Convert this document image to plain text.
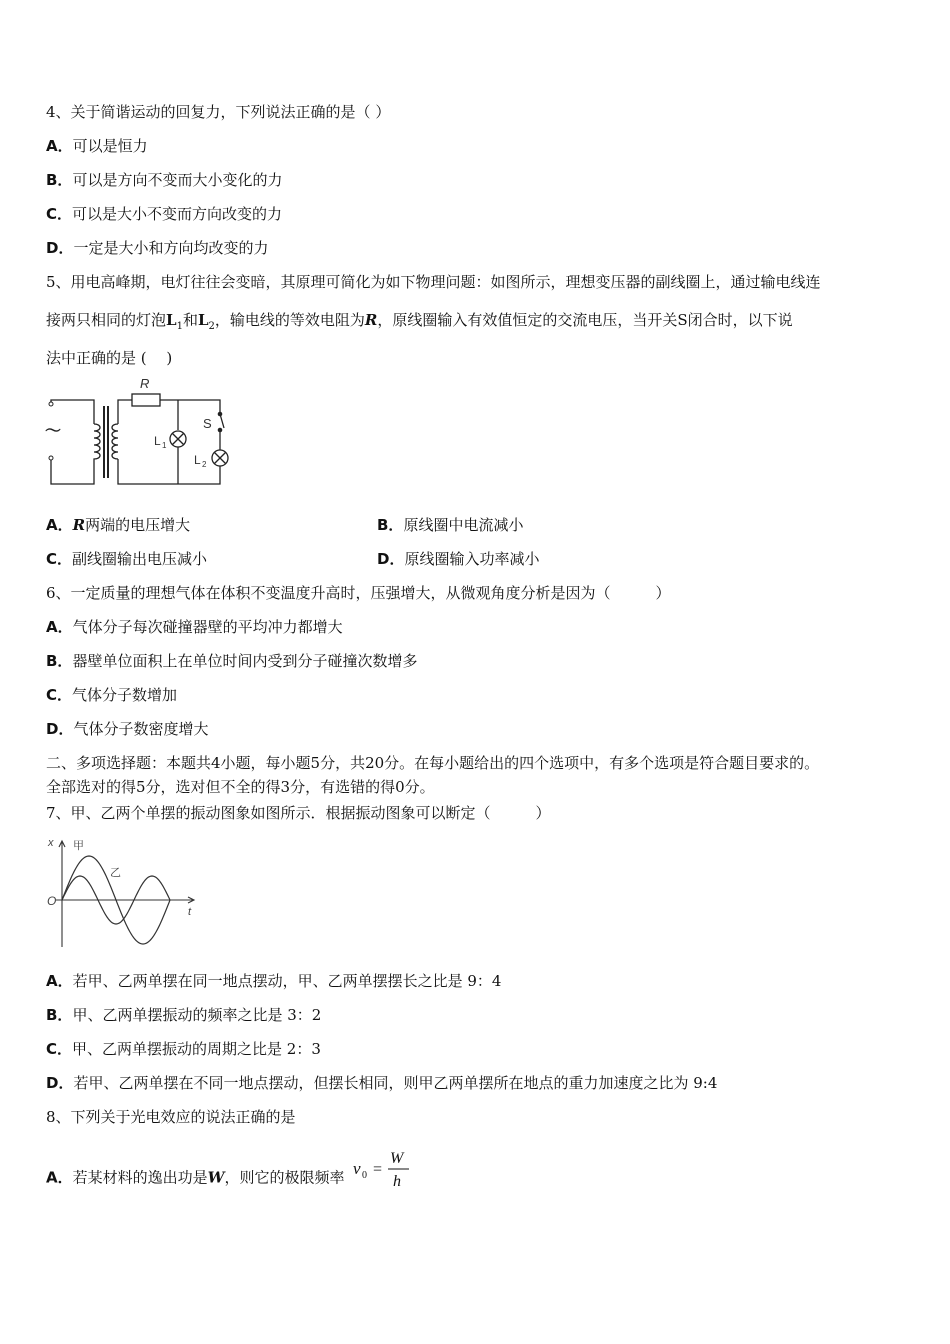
4、关于简谐运动的回复力，下列说法正确的是（ ）
A．可以是恒力
B．可以是方向不变而大小变化的力
C．可以是大小不变而方向改变的力
D．一定是大小和方向均改变的力
5、用电高峰期，电灯往往会变暗，其原理可简化为如下物理问题：如图所示，理想变压器的副线圈上，通过输电线连
接两只相同的灯泡$L_1$和$L_2$，输电线的等效电阻为R，原线圈输入有效值恒定的交流电压，当开关S闭合时，以下说
法中正确的是 (　 )
～
R
S
L 1
L 2
A．R两端的电压增大	B．原线圈中电流减小
C．副线圈输出电压减小	D．原线圈输入功率减小
6、一定质量的理想气体在体积不变温度升高时，压强增大，从微观角度分析是因为（　　　）
A．气体分子每次碰撞器壁的平均冲力都增大
B．器壁单位面积上在单位时间内受到分子碰撞次数增多
C．气体分子数增加
D．气体分子数密度增大
二、多项选择题：本题共4小题，每小题5分，共20分。在每小题给出的四个选项中，有多个选项是符合题目要求的。
全部选对的得5分，选对但不全的得3分，有选错的得0分。
7、甲、乙两个单摆的振动图象如图所示．根据振动图象可以断定（　　　）
x
t
O
甲
乙
A．若甲、乙两单摆在同一地点摆动，甲、乙两单摆摆长之比是 9：4
B．甲、乙两单摆振动的频率之比是 3：2
C．甲、乙两单摆振动的周期之比是 2：3
D．若甲、乙两单摆在不同一地点摆动，但摆长相同，则甲乙两单摆所在地点的重力加速度之比为 9:4
8、下列关于光电效应的说法正确的是
A．若某材料的逸出功是W，则它的极限频率 v 0 =
W
h
